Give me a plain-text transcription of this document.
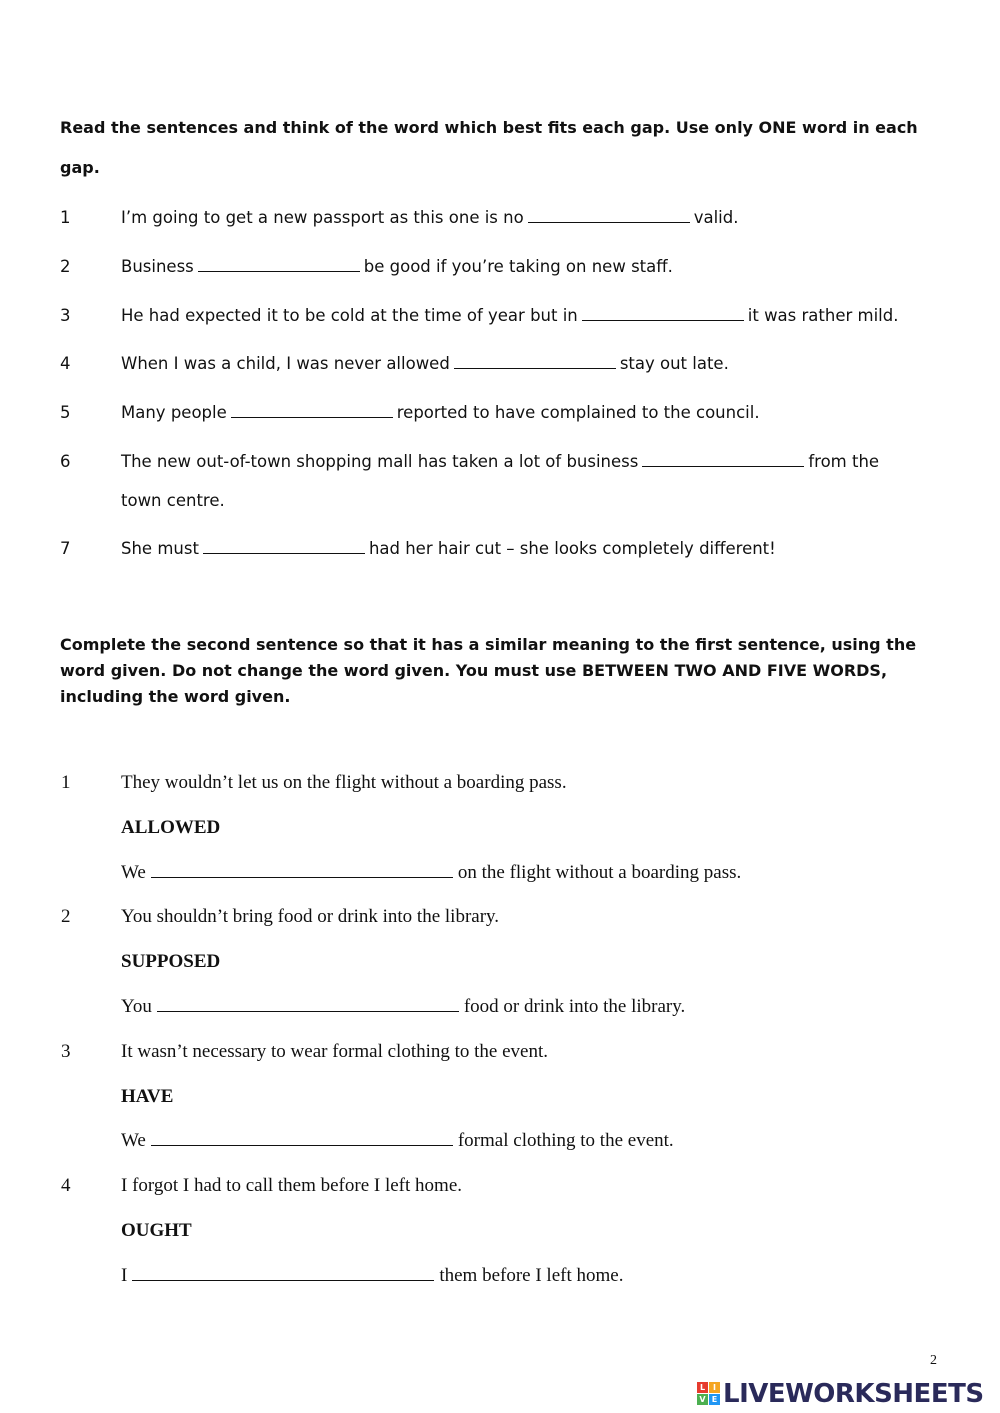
Read the sentences and think of the word which best fits each gap. Use only ONE word in each gap.
1	I’m going to get a new passport as this one is no	valid.
2	Business	be good if you’re taking on new staff.
3	He had expected it to be cold at the time of year but in	it was rather mild.
4	When I was a child, I was never allowed	stay out late.
5	Many people	reported to have complained to the council.
6	The new out-of-town shopping mall has taken a lot of business	from the
town centre.
7	She must	had her hair cut – she looks completely different!
Complete the second sentence so that it has a similar meaning to the first sentence, using the word given. Do not change the word given. You must use BETWEEN TWO AND FIVE WORDS, including the word given.
1	They wouldn’t let us on the flight without a boarding pass.
ALLOWED
We	on the flight without a boarding pass.
2	You shouldn’t bring food or drink into the library.
SUPPOSED
You	food or drink into the library.
3	It wasn’t necessary to wear formal clothing to the event.
HAVE
We	formal clothing to the event.
4	I forgot I had to call them before I left home.
OUGHT
I	them before I left home.
2
L I
V E LIVEWORKSHEETS
